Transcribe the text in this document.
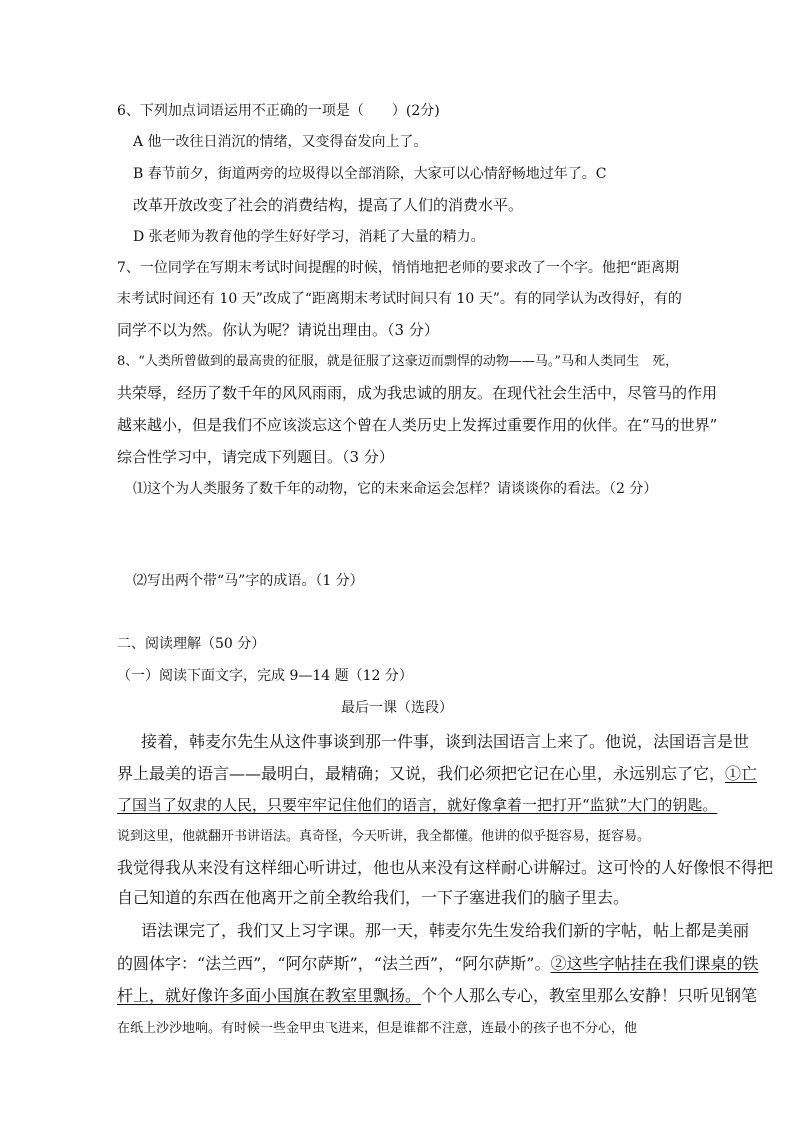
6、下列加点词语运用不正确的一项是（　　）(2分)
A 他一改往日消沉的情绪，又变得奋发向上了。
B 春节前夕，街道两旁的垃圾得以全部消除，大家可以心情舒畅地过年了。C
改革开放改变了社会的消费结构，提高了人们的消费水平。
D 张老师为教育他的学生好好学习，消耗了大量的精力。
7、一位同学在写期末考试时间提醒的时候，悄悄地把老师的要求改了一个字。他把“距离期
末考试时间还有 10 天”改成了“距离期末考试时间只有 10 天”。有的同学认为改得好，有的
同学不以为然。你认为呢？请说出理由。（3 分）
8、“人类所曾做到的最高贵的征服，就是征服了这豪迈而剽悍的动物——马。”马和人类同生　死，
共荣辱，经历了数千年的风风雨雨，成为我忠诚的朋友。在现代社会生活中，尽管马的作用
越来越小，但是我们不应该淡忘这个曾在人类历史上发挥过重要作用的伙伴。在“马的世界”
综合性学习中，请完成下列题目。（3 分）
⑴这个为人类服务了数千年的动物，它的未来命运会怎样？请谈谈你的看法。（2 分）
⑵写出两个带“马”字的成语。（1 分）
二、阅读理解（50 分）
（一）阅读下面文字，完成 9—14 题（12 分）
最后一课（选段）
接着，韩麦尔先生从这件事谈到那一件事，谈到法国语言上来了。他说，法国语言是世
界上最美的语言——最明白，最精确；又说，我们必须把它记在心里，永远别忘了它，①亡
了国当了奴隶的人民，只要牢牢记住他们的语言，就好像拿着一把打开“监狱”大门的钥匙。
说到这里，他就翻开书讲语法。真奇怪，今天听讲，我全都懂。他讲的似乎挺容易，挺容易。
我觉得我从来没有这样细心听讲过，他也从来没有这样耐心讲解过。这可怜的人好像恨不得把
自己知道的东西在他离开之前全教给我们，一下子塞进我们的脑子里去。
语法课完了，我们又上习字课。那一天，韩麦尔先生发给我们新的字帖，帖上都是美丽
的圆体字：“法兰西”，“阿尔萨斯”，“法兰西”，“阿尔萨斯”。②这些字帖挂在我们课桌的铁
杆上，就好像许多面小国旗在教室里飘扬。个个人那么专心，教室里那么安静！只听见钢笔
在纸上沙沙地响。有时候一些金甲虫飞进来，但是谁都不注意，连最小的孩子也不分心，他
